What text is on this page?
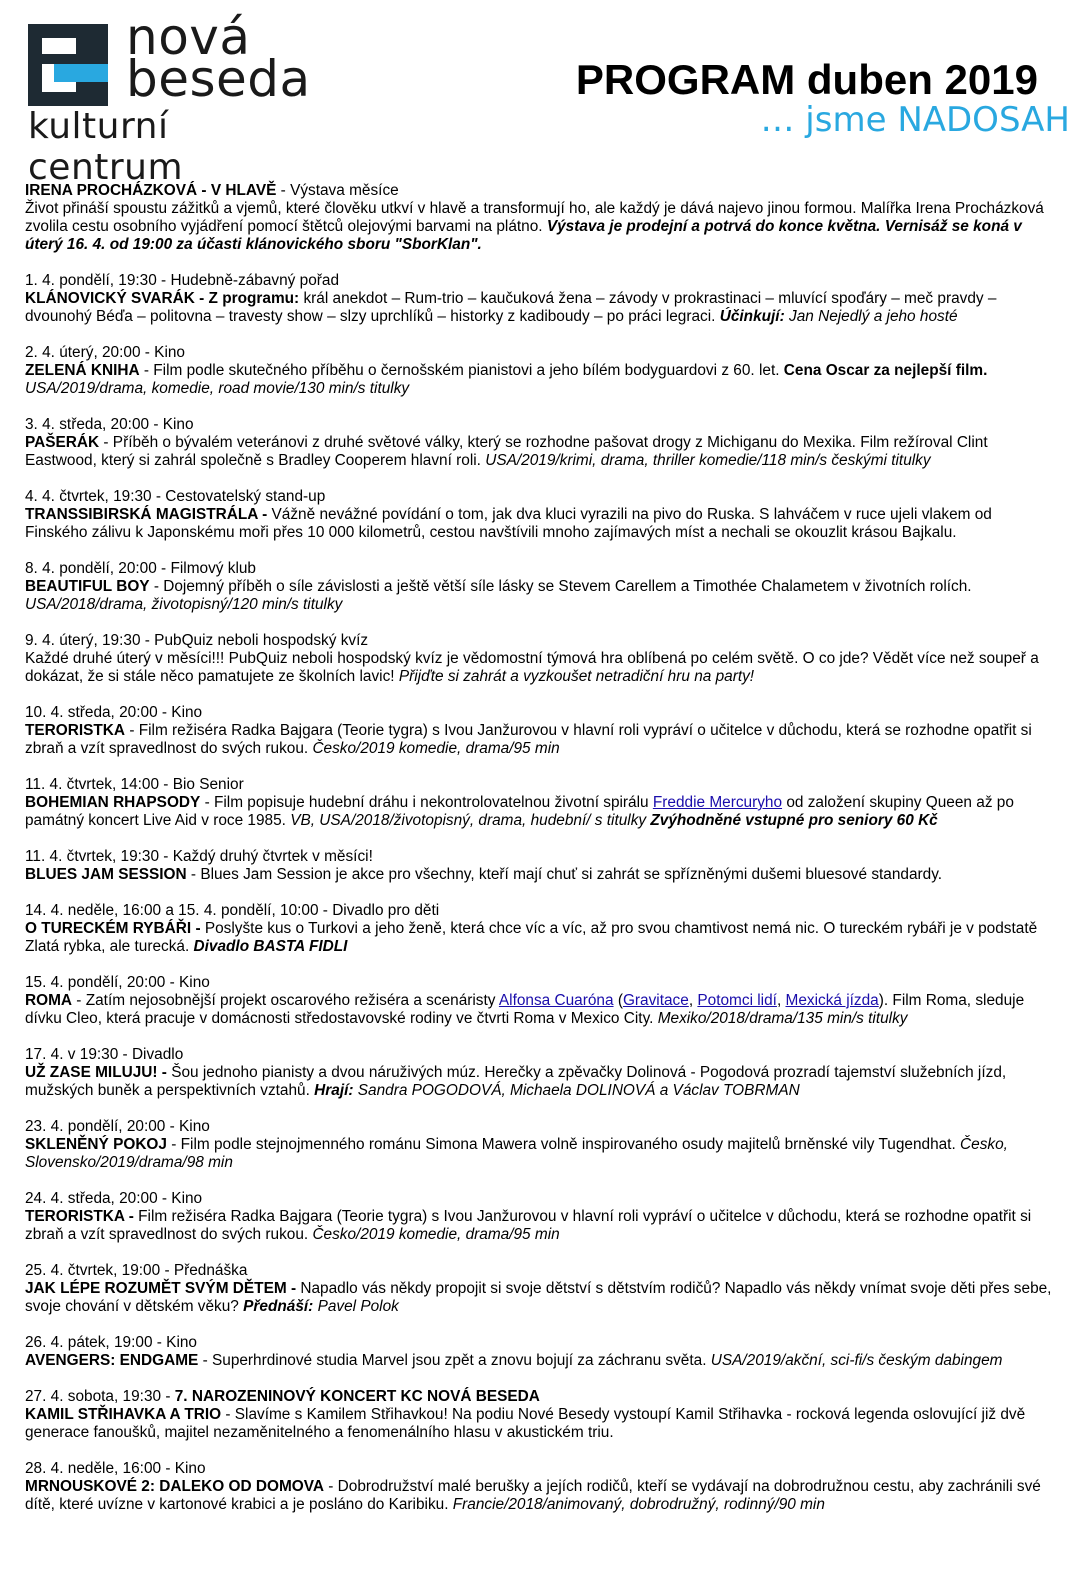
nová
beseda
kulturní centrum
PROGRAM duben 2019
… jsme NADOSAH

IRENA PROCHÁZKOVÁ - V HLAVĚ - Výstava měsíce

Život přináší spoustu zážitků a vjemů, které člověku utkví v hlavě a transformují ho, ale každý je dává najevo jinou formou. Malířka Irena Procházková zvolila cestu osobního vyjádření pomocí štětců olejovými barvami na plátno. Výstava je prodejní a potrvá do konce května. Vernisáž se koná v úterý 16. 4. od 19:00 za účasti klánovického sboru "SborKlan".

1. 4. pondělí, 19:30 - Hudebně-zábavný pořad

KLÁNOVICKÝ SVARÁK - Z programu: král anekdot – Rum-trio – kaučuková žena – závody v prokrastinaci – mluvící spoďáry – meč pravdy – dvounohý Béďa – politovna – travesty show – slzy uprchlíků – historky z kadiboudy – po práci legraci. Účinkují: Jan Nejedlý a jeho hosté

2. 4. úterý, 20:00 - Kino

ZELENÁ KNIHA - Film podle skutečného příběhu o černošském pianistovi a jeho bílém bodyguardovi z 60. let. Cena Oscar za nejlepší film.
USA/2019/drama, komedie, road movie/130 min/s titulky

3. 4. středa, 20:00 - Kino

PAŠERÁK - Příběh o bývalém veteránovi z druhé světové války, který se rozhodne pašovat drogy z Michiganu do Mexika. Film režíroval Clint Eastwood, který si zahrál společně s Bradley Cooperem hlavní roli. USA/2019/krimi, drama, thriller komedie/118 min/s českými titulky

4. 4. čtvrtek, 19:30 - Cestovatelský stand-up

TRANSSIBIRSKÁ MAGISTRÁLA - Vážně nevážné povídání o tom, jak dva kluci vyrazili na pivo do Ruska. S lahváčem v ruce ujeli vlakem od Finského zálivu k Japonskému moři přes 10 000 kilometrů, cestou navštívili mnoho zajímavých míst a nechali se okouzlit krásou Bajkalu.

8. 4. pondělí, 20:00 - Filmový klub

BEAUTIFUL BOY - Dojemný příběh o síle závislosti a ještě větší síle lásky se Stevem Carellem a Timothée Chalametem v životních rolích. USA/2018/drama, životopisný/120 min/s titulky

9. 4. úterý, 19:30 - PubQuiz neboli hospodský kvíz

Každé druhé úterý v měsíci!!! PubQuiz neboli hospodský kvíz je vědomostní týmová hra oblíbená po celém světě. O co jde? Vědět více než soupeř a dokázat, že si stále něco pamatujete ze školních lavic! Přijďte si zahrát a vyzkoušet netradiční hru na party!

10. 4. středa, 20:00 - Kino

TERORISTKA - Film režiséra Radka Bajgara (Teorie tygra) s Ivou Janžurovou v hlavní roli vypráví o učitelce v důchodu, která se rozhodne opatřit si zbraň a vzít spravedlnost do svých rukou. Česko/2019 komedie, drama/95 min

11. 4. čtvrtek, 14:00 - Bio Senior

BOHEMIAN RHAPSODY - Film popisuje hudební dráhu i nekontrolovatelnou životní spirálu Freddie Mercuryho od založení skupiny Queen až po památný koncert Live Aid v roce 1985. VB, USA/2018/životopisný, drama, hudební/ s titulky Zvýhodněné vstupné pro seniory 60 Kč

11. 4. čtvrtek, 19:30 - Každý druhý čtvrtek v měsíci!

BLUES JAM SESSION - Blues Jam Session je akce pro všechny, kteří mají chuť si zahrát se spřízněnými dušemi bluesové standardy.

14. 4. neděle, 16:00 a 15. 4. pondělí, 10:00 - Divadlo pro děti

O TURECKÉM RYBÁŘI - Poslyšte kus o Turkovi a jeho ženě, která chce víc a víc, až pro svou chamtivost nemá nic. O tureckém rybáři je v podstatě Zlatá rybka, ale turecká. Divadlo BASTA FIDLI

15. 4. pondělí, 20:00 - Kino

ROMA - Zatím nejosobnější projekt oscarového režiséra a scenáristy Alfonsa Cuaróna (Gravitace, Potomci lidí, Mexická jízda). Film Roma, sleduje dívku Cleo, která pracuje v domácnosti středostavovské rodiny ve čtvrti Roma v Mexico City. Mexiko/2018/drama/135 min/s titulky

17. 4. v 19:30 - Divadlo

UŽ ZASE MILUJU! - Šou jednoho pianisty a dvou náruživých múz. Herečky a zpěvačky Dolinová - Pogodová prozradí tajemství služebních jízd, mužských buněk a perspektivních vztahů. Hrají: Sandra POGODOVÁ, Michaela DOLINOVÁ a Václav TOBRMAN

23. 4. pondělí, 20:00 - Kino

SKLENĚNÝ POKOJ - Film podle stejnojmenného románu Simona Mawera volně inspirovaného osudy majitelů brněnské vily Tugendhat. Česko, Slovensko/2019/drama/98 min

24. 4. středa, 20:00 - Kino

TERORISTKA - Film režiséra Radka Bajgara (Teorie tygra) s Ivou Janžurovou v hlavní roli vypráví o učitelce v důchodu, která se rozhodne opatřit si zbraň a vzít spravedlnost do svých rukou. Česko/2019 komedie, drama/95 min

25. 4. čtvrtek, 19:00 - Přednáška

JAK LÉPE ROZUMĚT SVÝM DĚTEM - Napadlo vás někdy propojit si svoje dětství s dětstvím rodičů? Napadlo vás někdy vnímat svoje děti přes sebe, svoje chování v dětském věku? Přednáší: Pavel Polok

26. 4. pátek, 19:00 - Kino

AVENGERS: ENDGAME - Superhrdinové studia Marvel jsou zpět a znovu bojují za záchranu světa. USA/2019/akční, sci-fi/s českým dabingem

27. 4. sobota, 19:30 - 7. NAROZENINOVÝ KONCERT KC NOVÁ BESEDA

KAMIL STŘIHAVKA A TRIO - Slavíme s Kamilem Střihavkou! Na podiu Nové Besedy vystoupí Kamil Střihavka - rocková legenda oslovující již dvě generace fanoušků, majitel nezaměnitelného a fenomenálního hlasu v akustickém triu.

28. 4. neděle, 16:00 - Kino

MRNOUSKOVÉ 2: DALEKO OD DOMOVA - Dobrodružství malé berušky a jejích rodičů, kteří se vydávají na dobrodružnou cestu, aby zachránili své dítě, které uvízne v kartonové krabici a je posláno do Karibiku. Francie/2018/animovaný, dobrodružný, rodinný/90 min
